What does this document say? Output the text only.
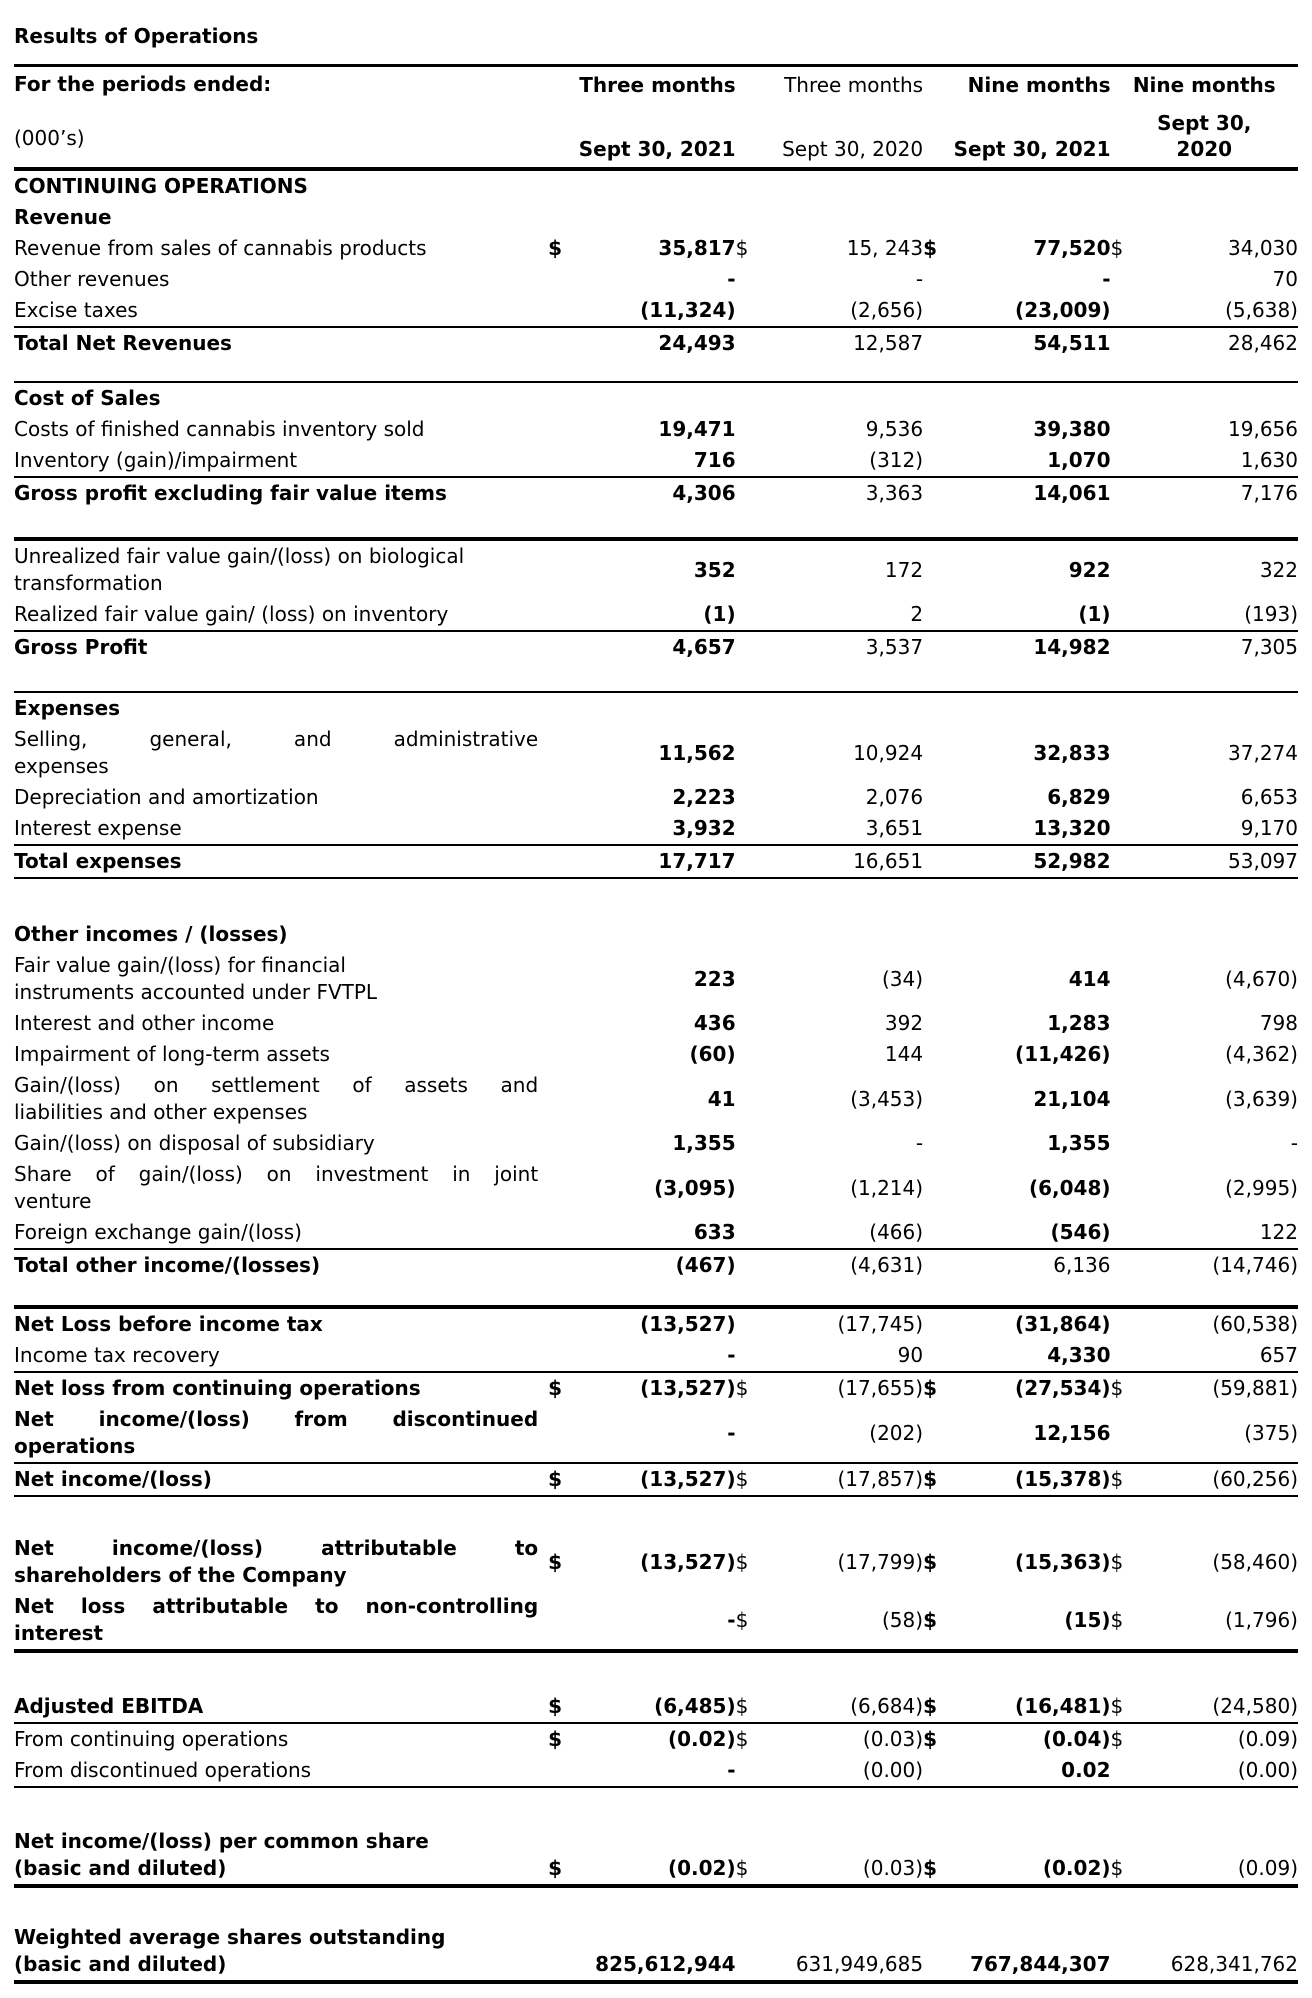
Results of Operations
For the periods ended:
(000’s)

Three months
Sept 30, 2021

Three months
Sept 30, 2020

Nine months
Sept 30, 2021

Nine months
Sept 30,
2020

CONTINUING OPERATIONS								

Revenue								

Revenue from sales of cannabis products	$	35,817	$	15, 243	$	77,520	$	34,030

Other revenues		-		-		-		70

Excise taxes		(11,324)		(2,656)		(23,009)		(5,638)

Total Net Revenues		24,493		12,587		54,511		28,462

Cost of Sales								

Costs of finished cannabis inventory sold		19,471		9,536		39,380		19,656

Inventory (gain)/impairment		716		(312)		1,070		1,630

Gross profit excluding fair value items		4,306		3,363		14,061		7,176

Unrealized fair value gain/(loss) on biological
transformation		352		172		922		322

Realized fair value gain/ (loss) on inventory		(1)		2		(1)		(193)

Gross Profit		4,657		3,537		14,982		7,305

Expenses								

Selling, general, and administrative
expenses		11,562		10,924		32,833		37,274

Depreciation and amortization		2,223		2,076		6,829		6,653

Interest expense		3,932		3,651		13,320		9,170

Total expenses		17,717		16,651		52,982		53,097

Other incomes / (losses)								

Fair value gain/(loss) for financial
instruments accounted under FVTPL		223		(34)		414		(4,670)

Interest and other income		436		392		1,283		798

Impairment of long-term assets		(60)		144		(11,426)		(4,362)

Gain/(loss) on settlement of assets and
liabilities and other expenses		41		(3,453)		21,104		(3,639)

Gain/(loss) on disposal of subsidiary		1,355		-		1,355		-

Share of gain/(loss) on investment in joint
venture		(3,095)		(1,214)		(6,048)		(2,995)

Foreign exchange gain/(loss)		633		(466)		(546)		122

Total other income/(losses)		(467)		(4,631)		6,136		(14,746)

Net Loss before income tax		(13,527)		(17,745)		(31,864)		(60,538)

Income tax recovery		-		90		4,330		657

Net loss from continuing operations	$	(13,527)	$	(17,655)	$	(27,534)	$	(59,881)

Net income/(loss) from discontinued
operations		-		(202)		12,156		(375)

Net income/(loss)	$	(13,527)	$	(17,857)	$	(15,378)	$	(60,256)

Net income/(loss) attributable to
shareholders of the Company	$	(13,527)	$	(17,799)	$	(15,363)	$	(58,460)

Net loss attributable to non-controlling
interest		-	$	(58)	$	(15)	$	(1,796)

Adjusted EBITDA	$	(6,485)	$	(6,684)	$	(16,481)	$	(24,580)

From continuing operations	$	(0.02)	$	(0.03)	$	(0.04)	$	(0.09)

From discontinued operations		-		(0.00)		0.02		(0.00)

Net income/(loss) per common share
(basic and diluted)	$	(0.02)	$	(0.03)	$	(0.02)	$	(0.09)

Weighted average shares outstanding
(basic and diluted)		825,612,944		631,949,685		767,844,307		628,341,762
